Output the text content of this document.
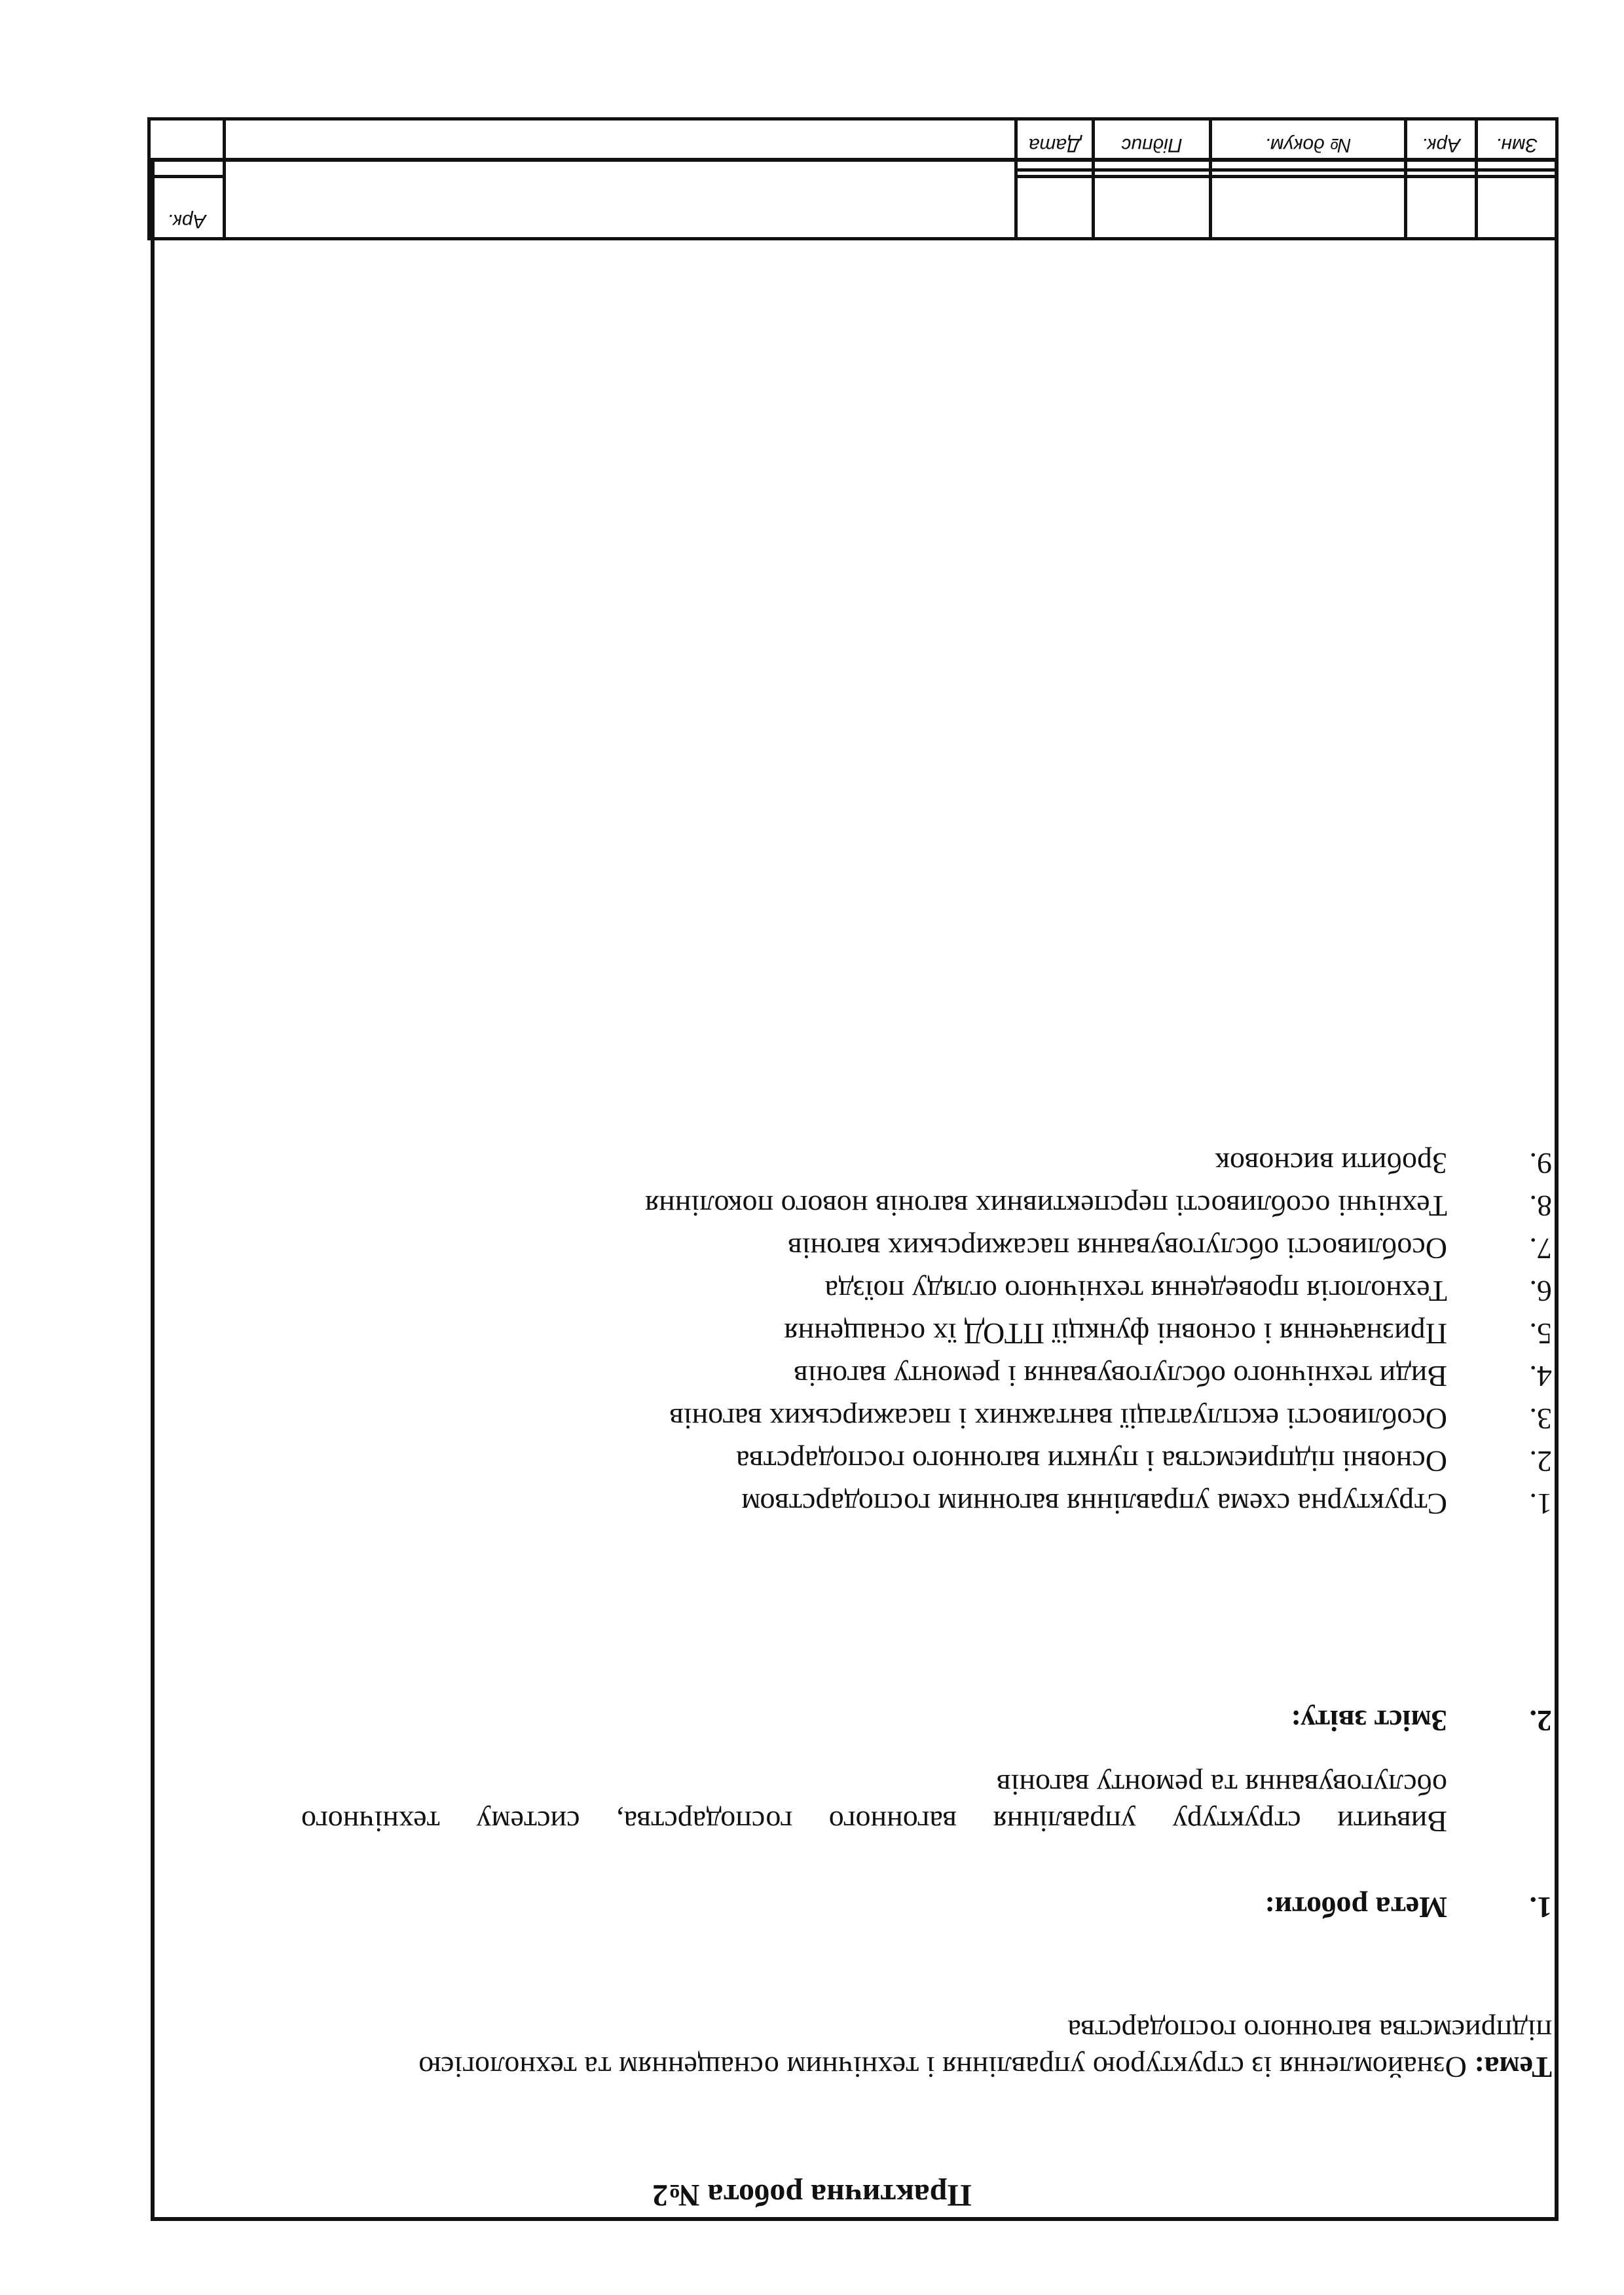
Практична робота №2
Тема: Ознайомлення із структурою управління і технічним оснащенням та технологією підприємства вагонного господарства
1.
Мета роботи:
Вивчити структуру управління вагонного господарства, систему технічного обслуговування та ремонту вагонів
2.
Зміст звіту:
1.Структурна схема управління вагонним господарством
2.Основні підприємства і пункти вагонного господарства
3.Особливості експлуатації вантажних і пасажирських вагонів
4.Види технічного обслуговування і ремонту вагонів
5.Призначення і основні функції ПТОД їх оснащення
6.Технологія проведення технічного огляду поїзда
7.Особливості обслуговування пасажирських вагонів
8.Технічні особливості перспективних вагонів нового покоління
9.Зробити висновок
						Арк.

Змн.	Арк.	№ докум.	Підпис	Дата		
